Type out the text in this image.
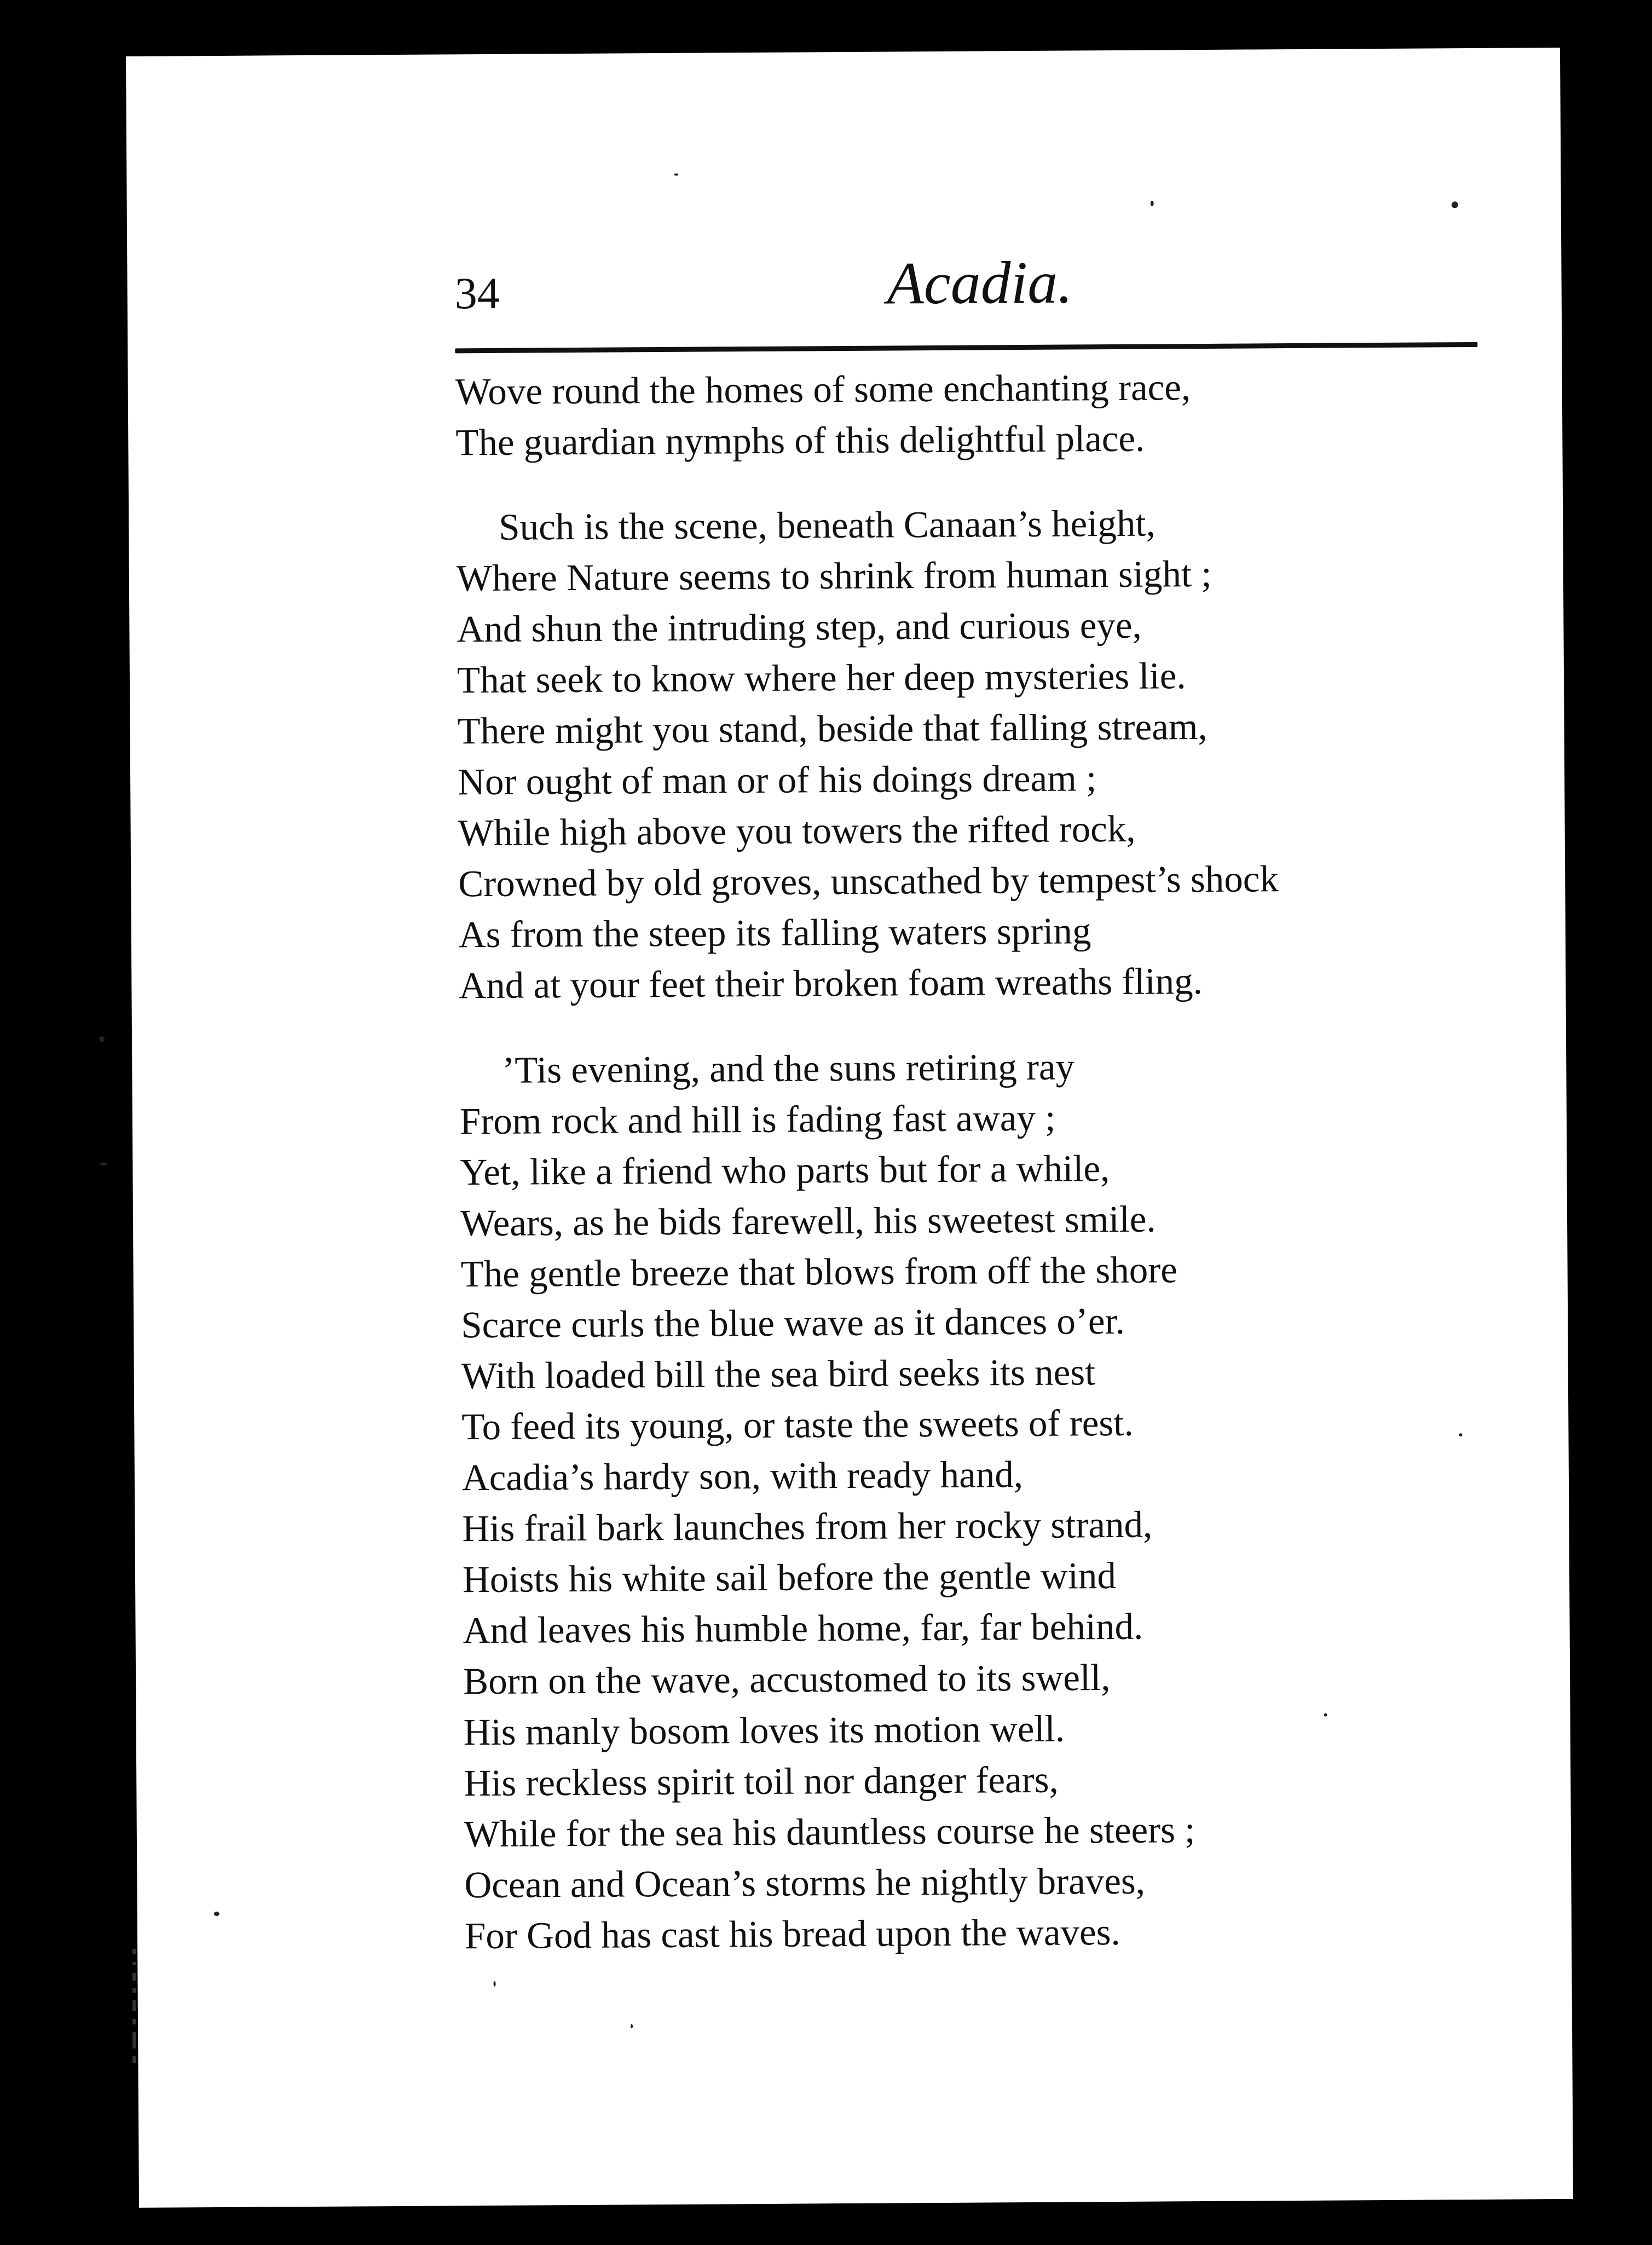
34	Acadia.
Wove round the homes of some enchanting race,
The guardian nymphs of this delightful place.
Such is the scene, beneath Canaan’s height,
Where Nature seems to shrink from human sight ;
And shun the intruding step, and curious eye,
That seek to know where her deep mysteries lie.
There might you stand, beside that falling stream,
Nor ought of man or of his doings dream ;
While high above you towers the rifted rock,
Crowned by old groves, unscathed by tempest’s shock
As from the steep its falling waters spring
And at your feet their broken foam wreaths fling.
’Tis evening, and the suns retiring ray
From rock and hill is fading fast away ;
Yet, like a friend who parts but for a while,
Wears, as he bids farewell, his sweetest smile.
The gentle breeze that blows from off the shore
Scarce curls the blue wave as it dances o’er.
With loaded bill the sea bird seeks its nest
To feed its young, or taste the sweets of rest.
Acadia’s hardy son, with ready hand,
His frail bark launches from her rocky strand,
Hoists his white sail before the gentle wind
And leaves his humble home, far, far behind.
Born on the wave, accustomed to its swell,
His manly bosom loves its motion well.
His reckless spirit toil nor danger fears,
While for the sea his dauntless course he steers ;
Ocean and Ocean’s storms he nightly braves,
For God has cast his bread upon the waves.
